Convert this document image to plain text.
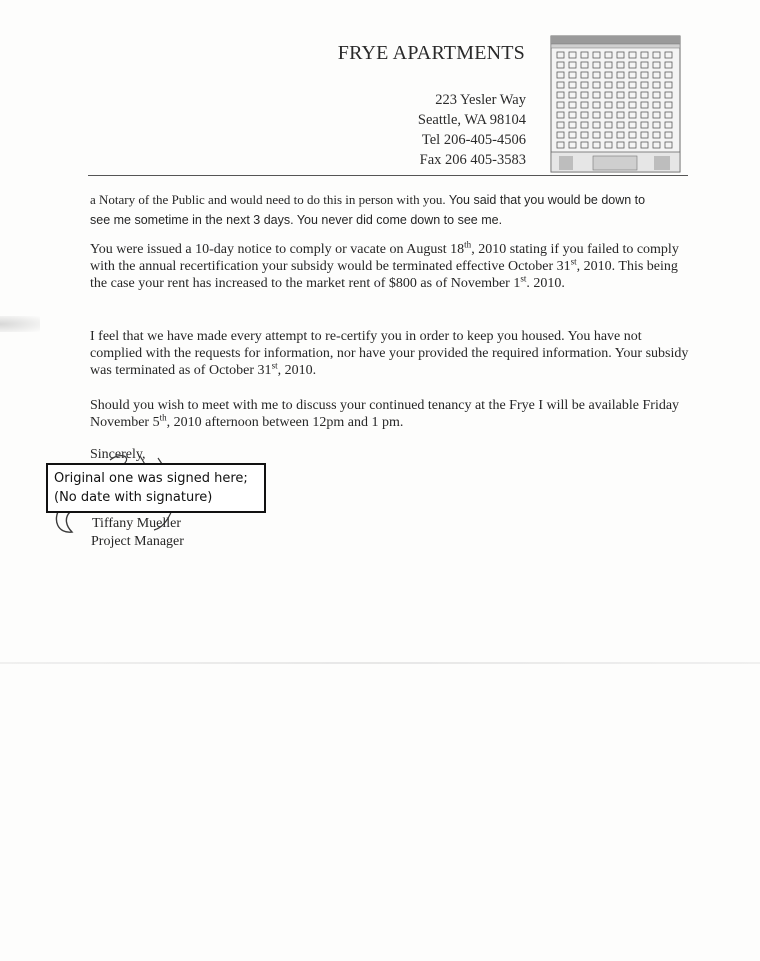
FRYE APARTMENTS
223 Yesler Way
Seattle, WA 98104
Tel 206-405-4506
Fax 206 405-3583
a Notary of the Public and would need to do this in person with you. You said that you would be down to
see me sometime in the next 3 days. You never did come down to see me.
You were issued a 10-day notice to comply or vacate on August 18th, 2010 stating if you failed to comply with the annual recertification your subsidy would be terminated effective October 31st, 2010. This being the case your rent has increased to the market rent of $800 as of November 1st. 2010.
I feel that we have made every attempt to re-certify you in order to keep you housed. You have not complied with the requests for information, nor have your provided the required information. Your subsidy was terminated as of October 31st, 2010.
Should you wish to meet with me to discuss your continued tenancy at the Frye I will be available Friday November 5th, 2010 afternoon between 12pm and 1 pm.
Sincerely,
Original one was signed here;
(No date with signature)
Tiffany Mueller
Project Manager
